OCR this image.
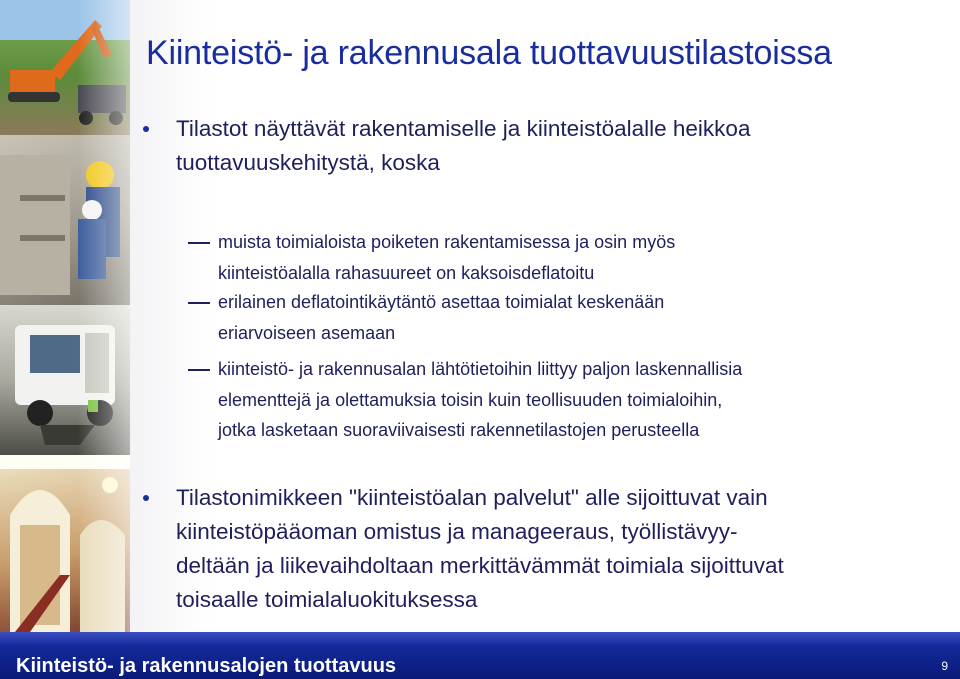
Kiinteistö- ja rakennusala tuottavuustilastoissa

Tilastot näyttävät rakentamiselle ja kiinteistöalalle heikkoa
tuottavuuskehitystä, koska

muista toimialoista poiketen rakentamisessa ja osin myös
kiinteistöalalla rahasuureet on kaksoisdeflatoitu

erilainen deflatointikäytäntö asettaa toimialat keskenään
eriarvoiseen asemaan

kiinteistö- ja rakennusalan lähtötietoihin liittyy paljon laskennallisia
elementtejä ja olettamuksia toisin kuin teollisuuden toimialoihin,
jotka lasketaan suoraviivaisesti rakennetilastojen perusteella

Tilastonimikkeen "kiinteistöalan palvelut" alle sijoittuvat vain
kiinteistöpääoman omistus ja manageeraus, työllistävyy-
deltään ja liikevaihdoltaan merkittävämmät toimiala sijoittuvat
toisaalle toimialaluokituksessa

Kiinteistö- ja rakennusalojen tuottavuus	9
